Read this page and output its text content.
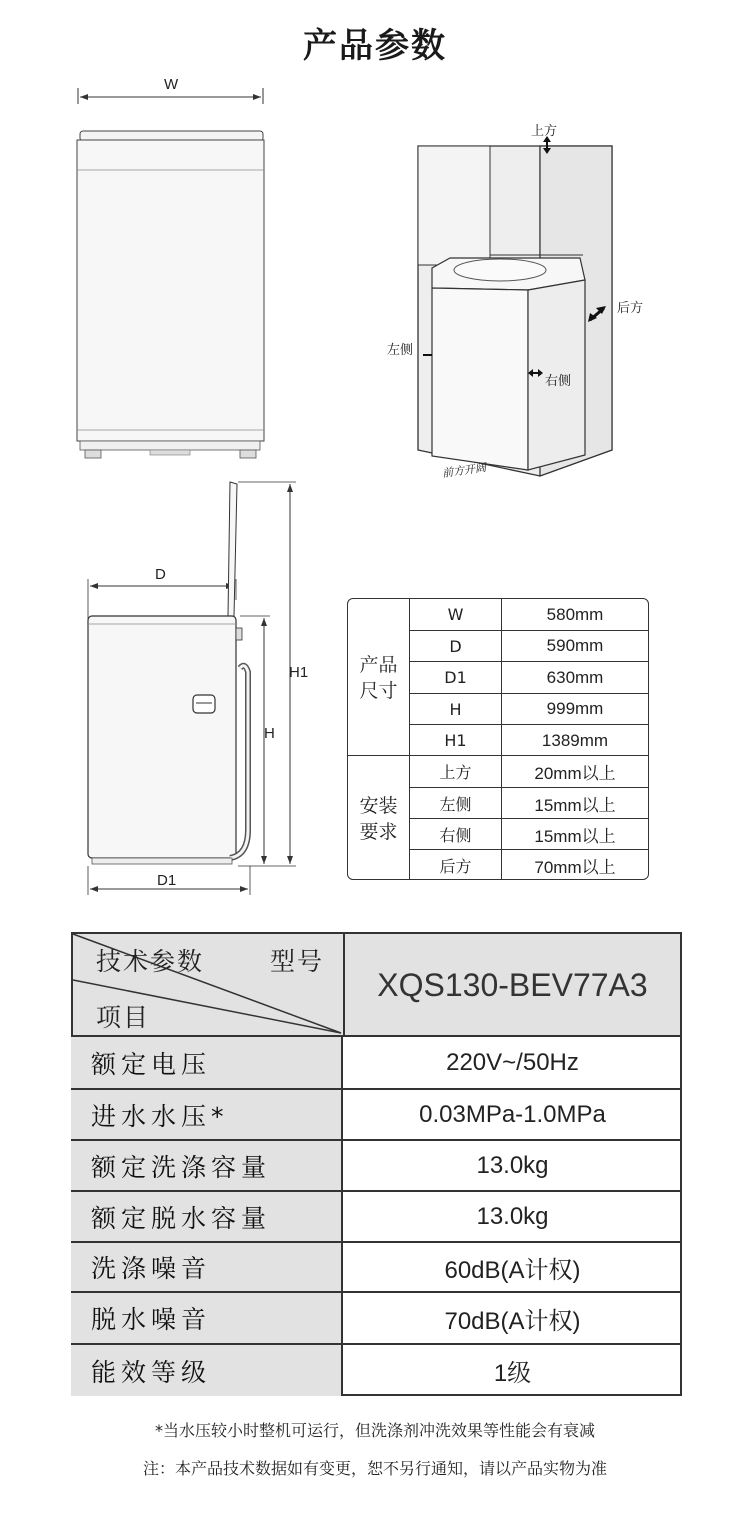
产品参数
W
上方
后方
左侧
右侧
前方开阔
D
H1
H
D1
产品
尺寸
安装
要求
W	580mm
D	590mm
D1	630mm
H	999mm
H1	1389mm
上方	20mm以上
左侧	15mm以上
右侧	15mm以上
后方	70mm以上
XQS130-BEV77A3
技术参数	型号
项目
额定电压	220V~/50Hz
进水水压*	0.03MPa-1.0MPa
额定洗涤容量	13.0kg
额定脱水容量	13.0kg
洗涤噪音	60dB(A计权)
脱水噪音	70dB(A计权)
能效等级	1级
*当水压较小时整机可运行，但洗涤剂冲洗效果等性能会有衰减
注：本产品技术数据如有变更，恕不另行通知，请以产品实物为准
